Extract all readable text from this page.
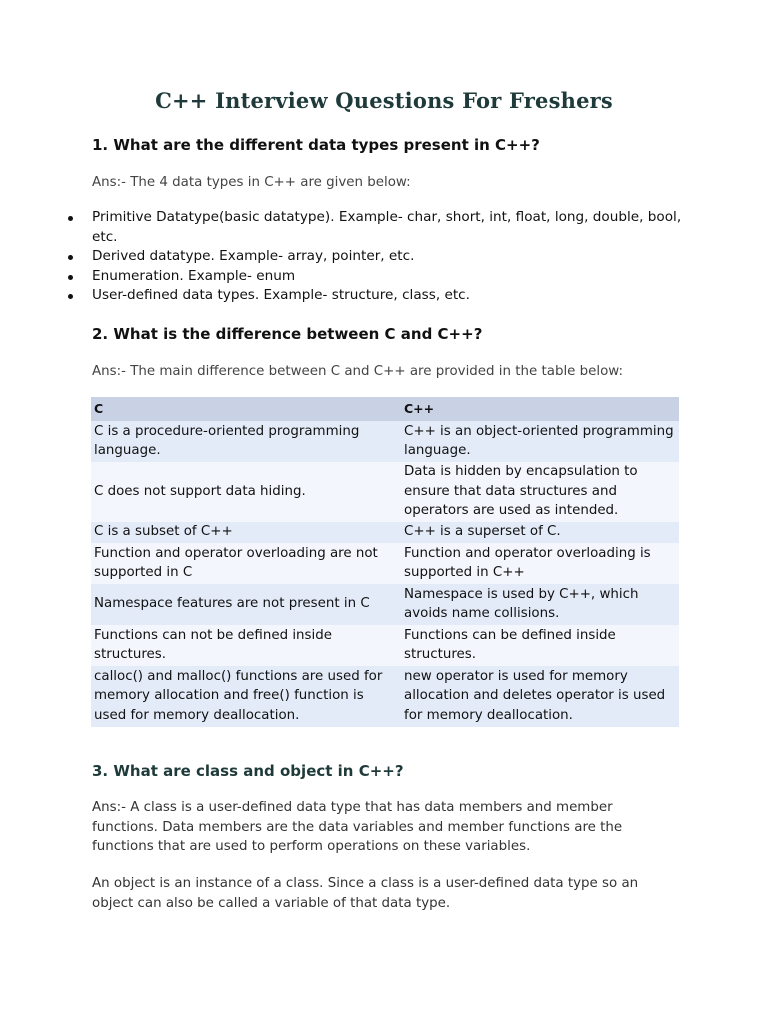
C++ Interview Questions For Freshers
1. What are the different data types present in C++?
Ans:- The 4 data types in C++ are given below:
Primitive Datatype(basic datatype). Example- char, short, int, float, long, double, bool, etc.
Derived datatype. Example- array, pointer, etc.
Enumeration. Example- enum
User-defined data types. Example- structure, class, etc.
2. What is the difference between C and C++?
Ans:- The main difference between C and C++ are provided in the table below:
C	C++
C is a procedure-oriented programming language.	C++ is an object-oriented programming language.
C does not support data hiding.	Data is hidden by encapsulation to ensure that data structures and operators are used as intended.
C is a subset of C++	C++ is a superset of C.
Function and operator overloading are not supported in C	Function and operator overloading is supported in C++
Namespace features are not present in C	Namespace is used by C++, which avoids name collisions.
Functions can not be defined inside structures.	Functions can be defined inside structures.
calloc() and malloc() functions are used for memory allocation and free() function is used for memory deallocation.	new operator is used for memory allocation and deletes operator is used for memory deallocation.
3. What are class and object in C++?
Ans:- A class is a user-defined data type that has data members and member functions. Data members are the data variables and member functions are the functions that are used to perform operations on these variables.
An object is an instance of a class. Since a class is a user-defined data type so an object can also be called a variable of that data type.
